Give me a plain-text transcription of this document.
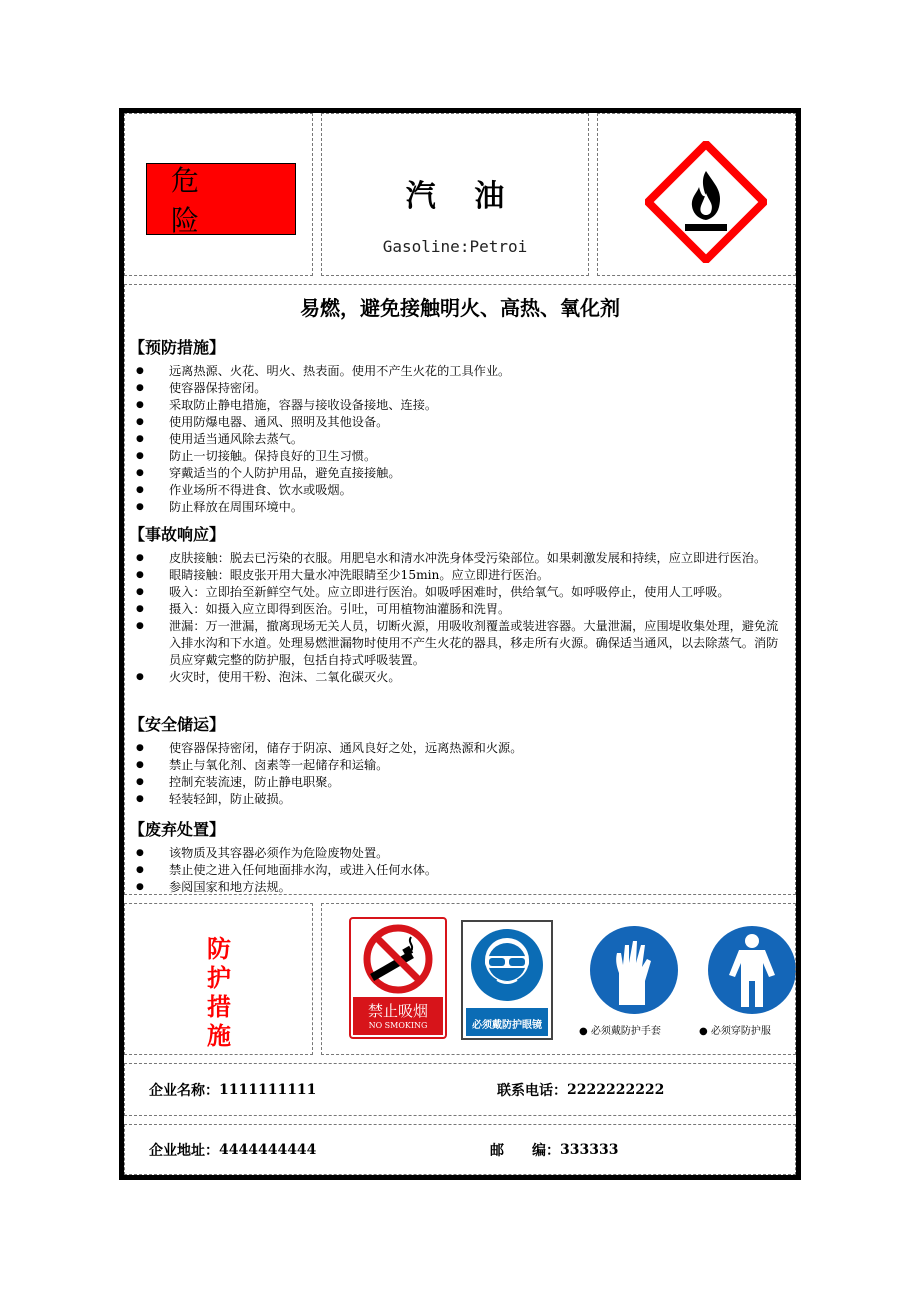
危 险
汽 油
Gasoline:Petroi
易燃，避免接触明火、高热、氧化剂
【预防措施】
● 远离热源、火花、明火、热表面。使用不产生火花的工具作业。
● 使容器保持密闭。
● 采取防止静电措施，容器与接收设备接地、连接。
● 使用防爆电器、通风、照明及其他设备。
● 使用适当通风除去蒸气。
● 防止一切接触。保持良好的卫生习惯。
● 穿戴适当的个人防护用品，避免直接接触。
● 作业场所不得进食、饮水或吸烟。
● 防止释放在周围环境中。
【事故响应】
● 皮肤接触：脱去已污染的衣服。用肥皂水和清水冲洗身体受污染部位。如果刺激发展和持续，应立即进行医治。
● 眼睛接触：眼皮张开用大量水冲洗眼睛至少15min。应立即进行医治。
● 吸入：立即抬至新鲜空气处。应立即进行医治。如吸呼困难时，供给氧气。如呼吸停止，使用人工呼吸。
● 摄入：如摄入应立即得到医治。引吐，可用植物油灌肠和洗胃。
● 泄漏：万一泄漏，撤离现场无关人员，切断火源，用吸收剂覆盖或装进容器。大量泄漏，应围堤收集处理，避免流入排水沟和下水道。处理易燃泄漏物时使用不产生火花的器具，移走所有火源。确保适当通风，以去除蒸气。消防员应穿戴完整的防护服，包括自持式呼吸装置。
● 火灾时，使用干粉、泡沫、二氧化碳灭火。
【安全储运】
● 使容器保持密闭，储存于阴凉、通风良好之处，远离热源和火源。
● 禁止与氧化剂、卤素等一起储存和运输。
● 控制充装流速，防止静电职聚。
● 轻装轻卸，防止破损。
【废弃处置】
● 该物质及其容器必须作为危险废物处置。
● 禁止使之进入任何地面排水沟，或进入任何水体。
● 参阅国家和地方法规。
防护措施
禁止吸烟
NO SMOKING	必须戴防护眼镜
● 必须戴防护手套	● 必须穿防护服
企业名称： 1111111111	联系电话： 2222222222
企业地址： 4444444444	邮　　编： 333333
